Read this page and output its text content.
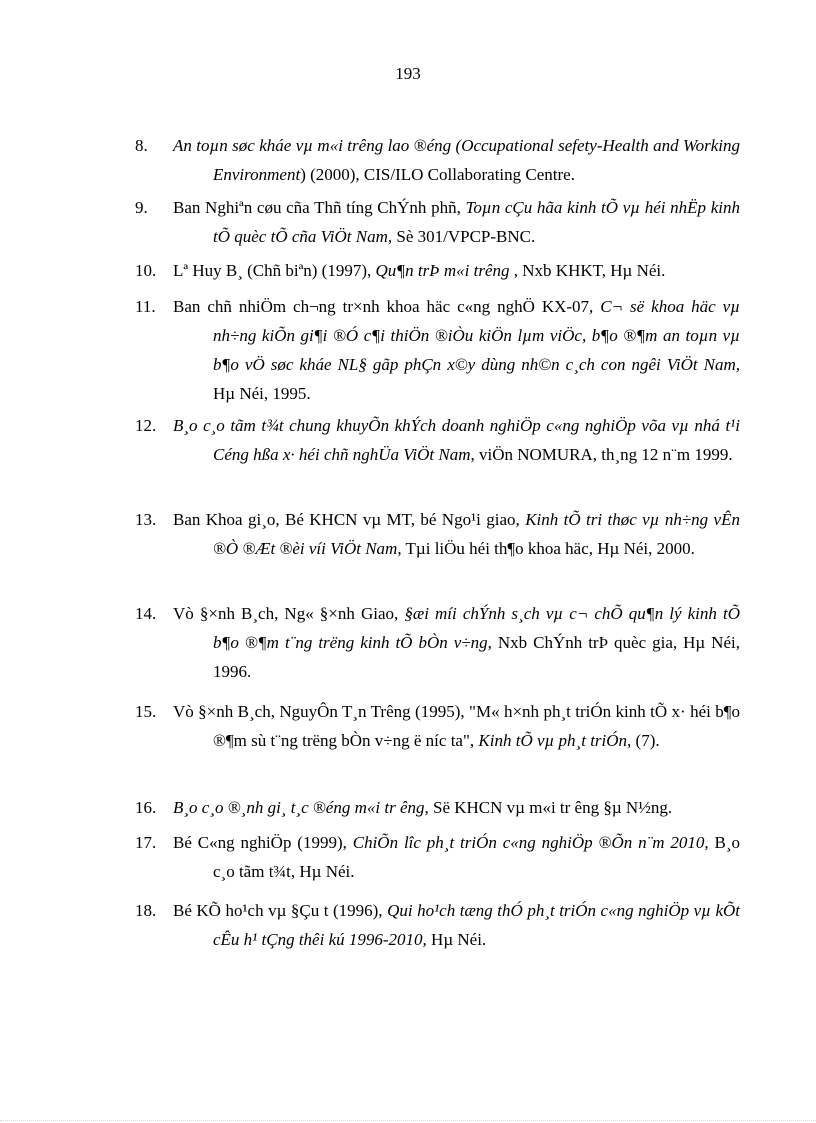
193
8. An toµn søc kháe vµ m«i trêng lao ®éng (Occupational sefety-Health and Working Environment) (2000), CIS/ILO Collaborating Centre.
9. Ban Nghiªn cøu cña Thñ tíng ChÝnh phñ, Toµn cÇu hãa kinh tÕ vµ héi nhËp kinh tÕ quèc tÕ cña ViÖt Nam, Sè 301/VPCP-BNC.
10. Lª Huy B¸ (Chñ biªn) (1997), Qu¶n trÞ m«i trêng , Nxb KHKT, Hµ Néi.
11. Ban chñ nhiÖm ch¬ng tr×nh khoa häc c«ng nghÖ KX-07, C¬ së khoa häc vµ nh÷ng kiÕn gi¶i ®Ó c¶i thiÖn ®iÒu kiÖn lµm viÖc, b¶o ®¶m an toµn vµ b¶o vÖ søc kháe NL§ gãp phÇn x©y dùng nh©n c¸ch con ngêi ViÖt Nam, Hµ Néi, 1995.
12. B¸o c¸o tãm t¾t chung khuyÕn khÝch doanh nghiÖp c«ng nghiÖp võa vµ nhá t¹i Céng hßa x· héi chñ nghÜa ViÖt Nam, viÖn NOMURA, th¸ng 12 n¨m 1999.
13. Ban Khoa gi¸o, Bé KHCN vµ MT, bé Ngo¹i giao, Kinh tÕ tri thøc vµ nh÷ng vÊn ®Ò ®Æt ®èi víi ViÖt Nam, Tµi liÖu héi th¶o khoa häc, Hµ Néi, 2000.
14. Vò §×nh B¸ch, Ng« §×nh Giao, §æi míi chÝnh s¸ch vµ c¬ chÕ qu¶n lý kinh tÕ b¶o ®¶m t¨ng trëng kinh tÕ bÒn v÷ng, Nxb ChÝnh trÞ quèc gia, Hµ Néi, 1996.
15. Vò §×nh B¸ch, NguyÔn T¸n Trêng (1995), "M« h×nh ph¸t triÓn kinh tÕ x· héi b¶o ®¶m sù t¨ng trëng bÒn v÷ng ë níc ta", Kinh tÕ vµ ph¸t triÓn, (7).
16. B¸o c¸o ®¸nh gi¸ t¸c ®éng m«i tr êng, Së KHCN vµ m«i tr êng §µ N½ng.
17. Bé C«ng nghiÖp (1999), ChiÕn lîc ph¸t triÓn c«ng nghiÖp ®Õn n¨m 2010, B¸o c¸o tãm t¾t, Hµ Néi.
18. Bé KÕ ho¹ch vµ §Çu t (1996), Qui ho¹ch tæng thÓ ph¸t triÓn c«ng nghiÖp vµ kÕt cÊu h¹ tÇng thêi kú 1996-2010, Hµ Néi.
